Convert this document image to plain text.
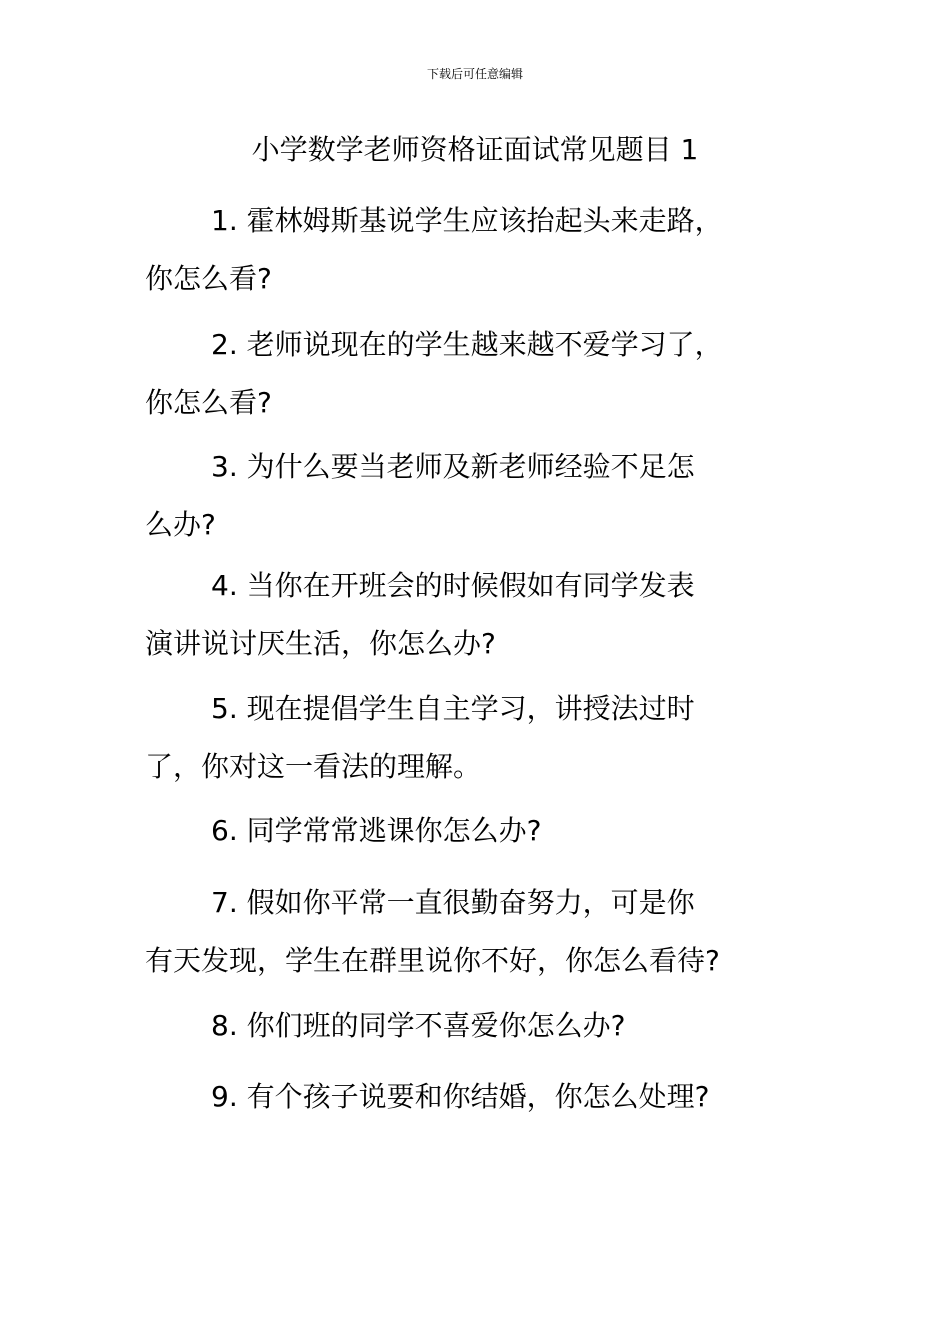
下载后可任意编辑
小学数学老师资格证面试常见题目 1
1. 霍林姆斯基说学生应该抬起头来走路，
你怎么看?
2. 老师说现在的学生越来越不爱学习了，
你怎么看?
3. 为什么要当老师及新老师经验不足怎
么办?
4. 当你在开班会的时候假如有同学发表
演讲说讨厌生活，你怎么办?
5. 现在提倡学生自主学习，讲授法过时
了，你对这一看法的理解。
6. 同学常常逃课你怎么办?
7. 假如你平常一直很勤奋努力，可是你
有天发现，学生在群里说你不好，你怎么看待?
8. 你们班的同学不喜爱你怎么办?
9. 有个孩子说要和你结婚，你怎么处理?
